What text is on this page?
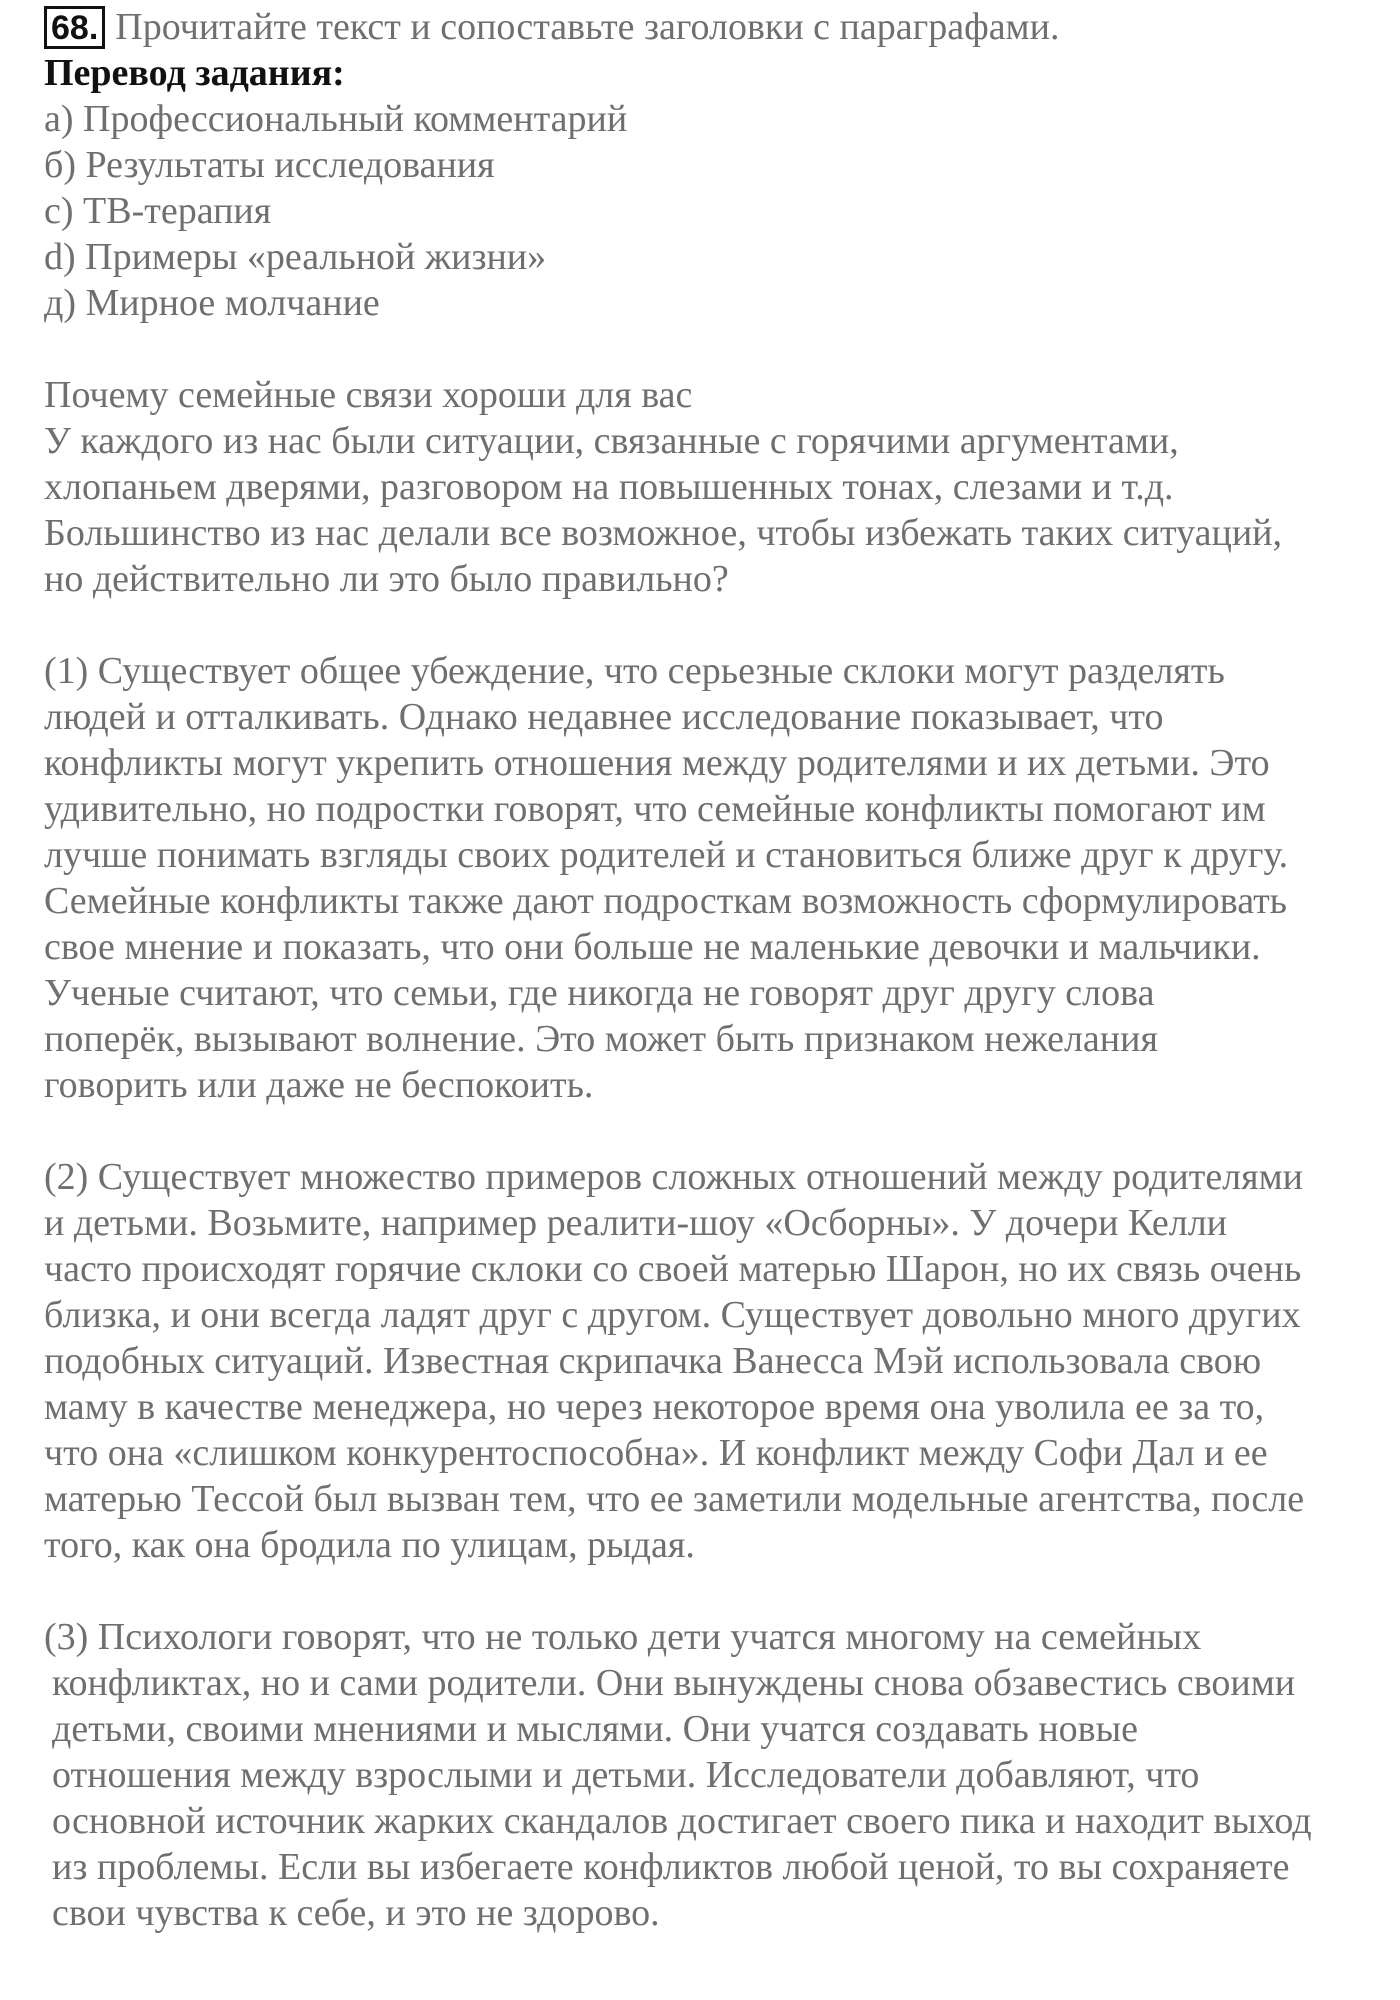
68. Прочитайте текст и сопоставьте заголовки с параграфами.
Перевод задания:
a) Профессиональный комментарий
б) Результаты исследования
c) ТВ-терапия
d) Примеры «реальной жизни»
д) Мирное молчание
Почему семейные связи хороши для вас
У каждого из нас были ситуации, связанные с горячими аргументами,
хлопаньем дверями, разговором на повышенных тонах, слезами и т.д.
Большинство из нас делали все возможное, чтобы избежать таких ситуаций,
но действительно ли это было правильно?
(1) Существует общее убеждение, что серьезные склоки могут разделять
людей и отталкивать. Однако недавнее исследование показывает, что
конфликты могут укрепить отношения между родителями и их детьми. Это
удивительно, но подростки говорят, что семейные конфликты помогают им
лучше понимать взгляды своих родителей и становиться ближе друг к другу.
Семейные конфликты также дают подросткам возможность сформулировать
свое мнение и показать, что они больше не маленькие девочки и мальчики.
Ученые считают, что семьи, где никогда не говорят друг другу слова
поперёк, вызывают волнение. Это может быть признаком нежелания
говорить или даже не беспокоить.
(2) Существует множество примеров сложных отношений между родителями
и детьми. Возьмите, например реалити-шоу «Осборны». У дочери Келли
часто происходят горячие склоки со своей матерью Шарон, но их связь очень
близка, и они всегда ладят друг с другом. Существует довольно много других
подобных ситуаций. Известная скрипачка Ванесса Мэй использовала свою
маму в качестве менеджера, но через некоторое время она уволила ее за то,
что она «слишком конкурентоспособна». И конфликт между Софи Дал и ее
матерью Тессой был вызван тем, что ее заметили модельные агентства, после
того, как она бродила по улицам, рыдая.
(3) Психологи говорят, что не только дети учатся многому на семейных
конфликтах, но и сами родители. Они вынуждены снова обзавестись своими
детьми, своими мнениями и мыслями. Они учатся создавать новые
отношения между взрослыми и детьми. Исследователи добавляют, что
основной источник жарких скандалов достигает своего пика и находит выход
из проблемы. Если вы избегаете конфликтов любой ценой, то вы сохраняете
свои чувства к себе, и это не здорово.
